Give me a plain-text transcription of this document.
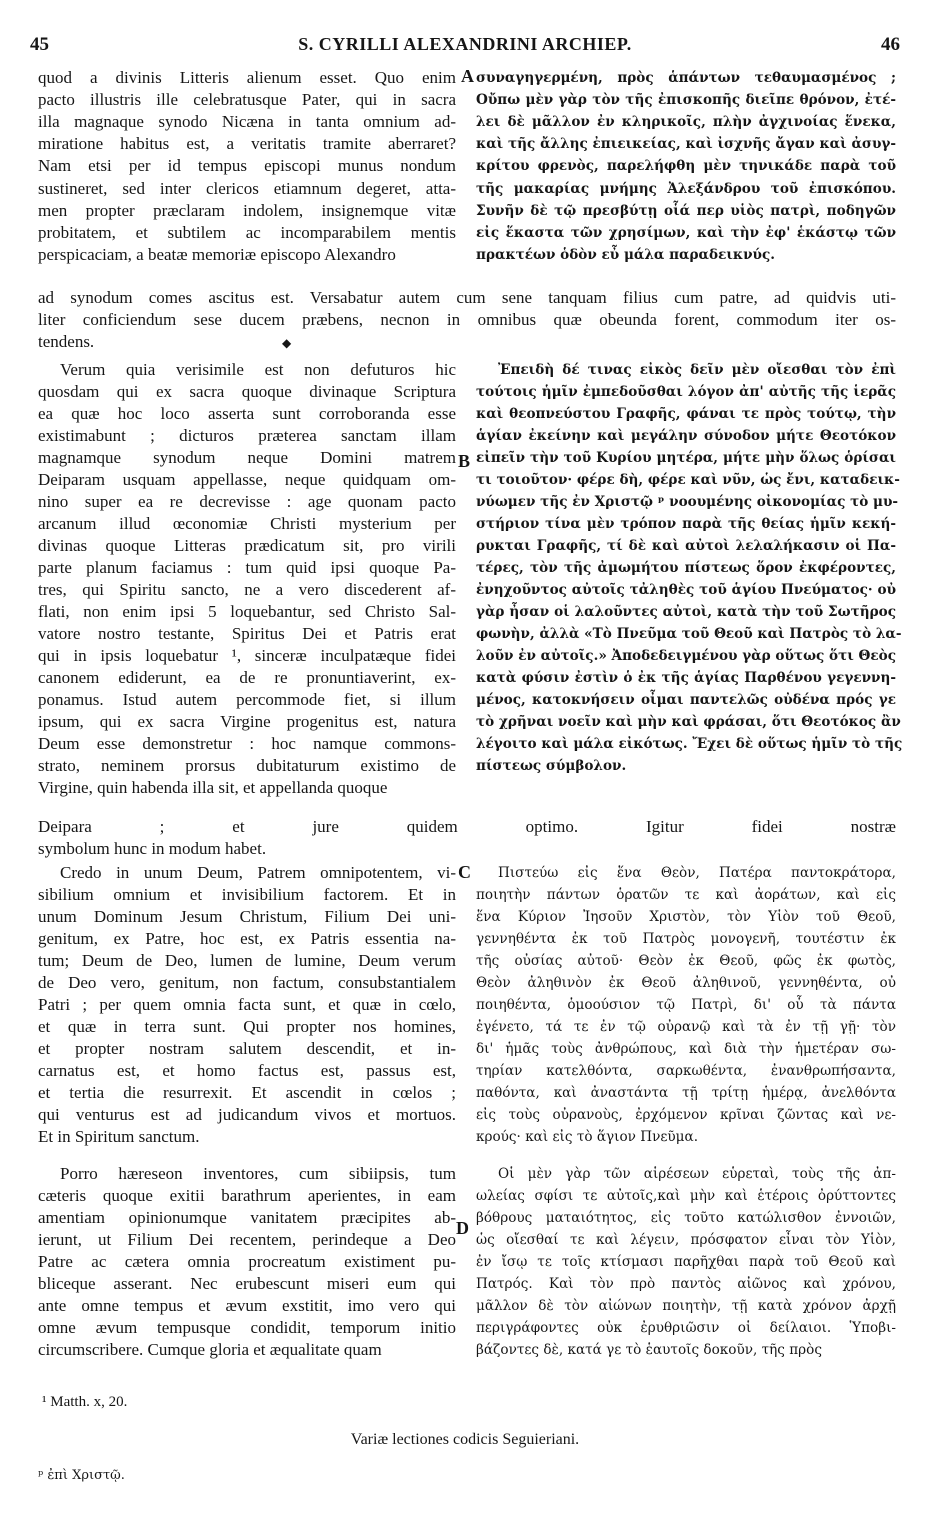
45	S. CYRILLI ALEXANDRINI ARCHIEP.	46
quod a divinis Litteris alienum esset. Quo enim
pacto illustris ille celebratusque Pater, qui in sacra
illa magnaque synodo Nicæna in tanta omnium ad-
miratione habitus est, a veritatis tramite aberraret?
Nam etsi per id tempus episcopi munus nondum
sustineret, sed inter clericos etiamnum degeret, atta-
men propter præclaram indolem, insignemque vitæ
probitatem, et subtilem ac incomparabilem mentis
perspicaciam, a beatæ memoriæ episcopo Alexandro
Verum quia verisimile est non defuturos hic
quosdam qui ex sacra quoque divinaque Scriptura
ea quæ hoc loco asserta sunt corroboranda esse
existimabunt ; dicturos præterea sanctam illam
magnamque synodum neque Domini matrem
Deiparam usquam appellasse, neque quidquam om-
nino super ea re decrevisse : age quonam pacto
arcanum illud œconomiæ Christi mysterium per
divinas quoque Litteras prædicatum sit, pro virili
parte planum faciamus : tum quid ipsi quoque Pa-
tres, qui Spiritu sancto, ne a vero discederent af-
flati, non enim ipsi 5 loquebantur, sed Christo Sal-
vatore nostro testante, Spiritus Dei et Patris erat
qui in ipsis loquebatur ¹, sinceræ inculpatæque fidei
canonem ediderunt, ea de re pronuntiaverint, ex-
ponamus. Istud autem percommode fiet, si illum
ipsum, qui ex sacra Virgine progenitus est, natura
Deum esse demonstretur : hoc namque commons-
strato, neminem prorsus dubitaturum existimo de
Virgine, quin habenda illa sit, et appellanda quoque
Credo in unum Deum, Patrem omnipotentem, vi-
sibilium omnium et invisibilium factorem. Et in
unum Dominum Jesum Christum, Filium Dei uni-
genitum, ex Patre, hoc est, ex Patris essentia na-
tum; Deum de Deo, lumen de lumine, Deum verum
de Deo vero, genitum, non factum, consubstantialem
Patri ; per quem omnia facta sunt, et quæ in cœlo,
et quæ in terra sunt. Qui propter nos homines,
et propter nostram salutem descendit, et in-
carnatus est, et homo factus est, passus est,
et tertia die resurrexit. Et ascendit in cœlos ;
qui venturus est ad judicandum vivos et mortuos.
Et in Spiritum sanctum.
Porro hæreseon inventores, cum sibiipsis, tum
cæteris quoque exitii barathrum aperientes, in eam
amentiam opinionumque vanitatem præcipites ab-
ierunt, ut Filium Dei recentem, perindeque a Deo
Patre ac cætera omnia procreatum existiment pu-
bliceque asserant. Nec erubescunt miseri eum qui
ante omne tempus et ævum exstitit, imo vero qui
omne ævum tempusque condidit, temporum initio
circumscribere. Cumque gloria et æqualitate quam
συναγηγερμένη, πρὸς ἁπάντων τεθαυμασμένος ;
Οὔπω μὲν γὰρ τὸν τῆς ἐπισκοπῆς διεῖπε θρόνον, ἐτέ-
λει δὲ μᾶλλον ἐν κληρικοῖς, πλὴν ἀγχινοίας ἕνεκα,
καὶ τῆς ἄλλης ἐπιεικείας, καὶ ἰσχνῆς ἄγαν καὶ ἀσυγ-
κρίτου φρενὸς, παρελήφθη μὲν τηνικάδε παρὰ τοῦ
τῆς μακαρίας μνήμης Ἀλεξάνδρου τοῦ ἐπισκόπου.
Συνῆν δὲ τῷ πρεσβύτῃ οἷά περ υἱὸς πατρὶ, ποδηγῶν
εἰς ἕκαστα τῶν χρησίμων, καὶ τὴν ἐφ' ἑκάστῳ τῶν
πρακτέων ὁδὸν εὖ μάλα παραδεικνύς.
Ἐπειδὴ δέ τινας εἰκὸς δεῖν μὲν οἴεσθαι τὸν ἐπὶ
τούτοις ἡμῖν ἐμπεδοῦσθαι λόγον ἀπ' αὐτῆς τῆς ἱερᾶς
καὶ θεοπνεύστου Γραφῆς, φάναι τε πρὸς τούτῳ, τὴν
ἁγίαν ἐκείνην καὶ μεγάλην σύνοδον μήτε Θεοτόκον
εἰπεῖν τὴν τοῦ Κυρίου μητέρα, μήτε μὴν ὅλως ὁρίσαι
τι τοιοῦτον· φέρε δὴ, φέρε καὶ νῦν, ὡς ἔνι, καταδεικ-
νύωμεν τῆς ἐν Χριστῷ ᵖ νοουμένης οἰκονομίας τὸ μυ-
στήριον τίνα μὲν τρόπον παρὰ τῆς θείας ἡμῖν κεκή-
ρυκται Γραφῆς, τί δὲ καὶ αὐτοὶ λελαλήκασιν οἱ Πα-
τέρες, τὸν τῆς ἀμωμήτου πίστεως ὅρον ἐκφέροντες,
ἐνηχοῦντος αὐτοῖς τἀληθὲς τοῦ ἁγίου Πνεύματος· οὐ
γὰρ ἦσαν οἱ λαλοῦντες αὐτοὶ, κατὰ τὴν τοῦ Σωτῆρος
φωνὴν, ἀλλὰ «Τὸ Πνεῦμα τοῦ Θεοῦ καὶ Πατρὸς τὸ λα-
λοῦν ἐν αὐτοῖς.» Ἀποδεδειγμένου γὰρ οὕτως ὅτι Θεὸς
κατὰ φύσιν ἐστὶν ὁ ἐκ τῆς ἁγίας Παρθένου γεγεννη-
μένος, κατοκνήσειν οἶμαι παντελῶς οὐδένα πρός γε
τὸ χρῆναι νοεῖν καὶ μὴν καὶ φράσαι, ὅτι Θεοτόκος ἂν
λέγοιτο καὶ μάλα εἰκότως. Ἔχει δὲ οὕτως ἡμῖν τὸ τῆς
πίστεως σύμβολον.
Πιστεύω εἰς ἕνα Θεὸν, Πατέρα παντοκράτορα,
ποιητὴν πάντων ὁρατῶν τε καὶ ἀοράτων, καὶ εἰς
ἕνα Κύριον Ἰησοῦν Χριστὸν, τὸν Υἱὸν τοῦ Θεοῦ,
γεννηθέντα ἐκ τοῦ Πατρὸς μονογενῆ, τουτέστιν ἐκ
τῆς οὐσίας αὐτοῦ· Θεὸν ἐκ Θεοῦ, φῶς ἐκ φωτὸς,
Θεὸν ἀληθινὸν ἐκ Θεοῦ ἀληθινοῦ, γεννηθέντα, οὐ
ποιηθέντα, ὁμοούσιον τῷ Πατρὶ, δι' οὗ τὰ πάντα
ἐγένετο, τά τε ἐν τῷ οὐρανῷ καὶ τὰ ἐν τῇ γῇ· τὸν
δι' ἡμᾶς τοὺς ἀνθρώπους, καὶ διὰ τὴν ἡμετέραν σω-
τηρίαν κατελθόντα, σαρκωθέντα, ἐνανθρωπήσαντα,
παθόντα, καὶ ἀναστάντα τῇ τρίτῃ ἡμέρᾳ, ἀνελθόντα
εἰς τοὺς οὐρανοὺς, ἐρχόμενον κρῖναι ζῶντας καὶ νε-
κρούς· καὶ εἰς τὸ ἅγιον Πνεῦμα.
Οἱ μὲν γὰρ τῶν αἱρέσεων εὑρεταὶ, τοὺς τῆς ἀπ-
ωλείας σφίσι τε αὐτοῖς,καὶ μὴν καὶ ἑτέροις ὀρύττοντες
βόθρους ματαιότητος, εἰς τοῦτο κατώλισθον ἐννοιῶν,
ὡς οἴεσθαί τε καὶ λέγειν, πρόσφατον εἶναι τὸν Υἱὸν,
ἐν ἴσῳ τε τοῖς κτίσμασι παρῆχθαι παρὰ τοῦ Θεοῦ καὶ
Πατρός. Καὶ τὸν πρὸ παντὸς αἰῶνος καὶ χρόνου,
μᾶλλον δὲ τὸν αἰώνων ποιητὴν, τῇ κατὰ χρόνον ἀρχῇ
περιγράφοντες οὐκ ἐρυθριῶσιν οἱ δείλαιοι. Ὑποβι-
βάζοντες δὲ, κατά γε τὸ ἑαυτοῖς δοκοῦν, τῆς πρὸς
ad synodum comes ascitus est. Versabatur autem cum sene tanquam filius cum patre, ad quidvis uti-
liter conficiendum sese ducem præbens, necnon in omnibus quæ obeunda forent, commodum iter os-
tendens.	◆
Deipara ; et jure quidem optimo. Igitur fidei nostræ
symbolum hunc in modum habet.
A
B
C
D
¹ Matth. x, 20.
Variæ lectiones codicis Seguieriani.
ᵖ ἐπὶ Χριστῷ.
